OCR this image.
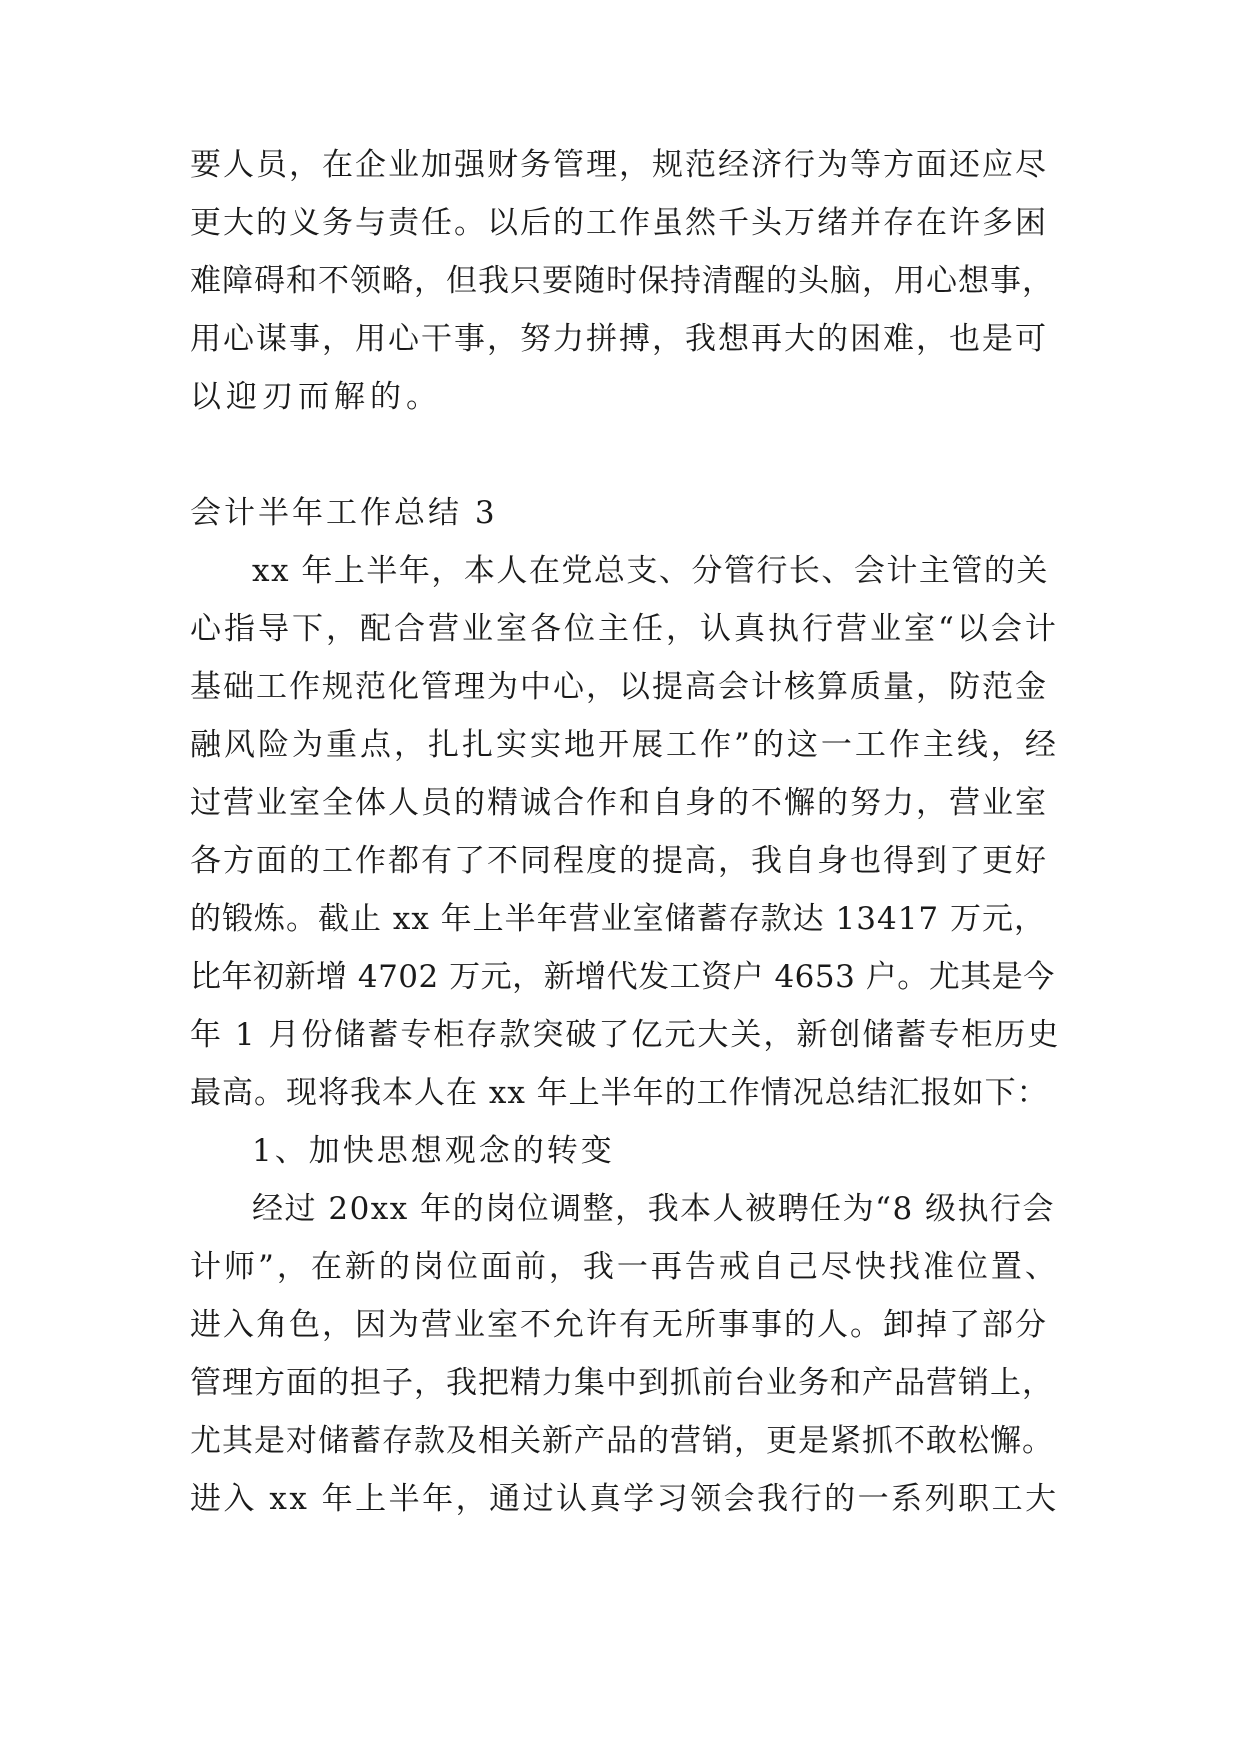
要人员，在企业加强财务管理，规范经济行为等方面还应尽
更大的义务与责任。以后的工作虽然千头万绪并存在许多困
难障碍和不领略，但我只要随时保持清醒的头脑，用心想事，
用心谋事，用心干事，努力拼搏，我想再大的困难，也是可
以迎刃而解的。
会计半年工作总结 3
xx 年上半年，本人在党总支、分管行长、会计主管的关
心指导下，配合营业室各位主任，认真执行营业室“以会计
基础工作规范化管理为中心，以提高会计核算质量，防范金
融风险为重点，扎扎实实地开展工作”的这一工作主线，经
过营业室全体人员的精诚合作和自身的不懈的努力，营业室
各方面的工作都有了不同程度的提高，我自身也得到了更好
的锻炼。截止 xx 年上半年营业室储蓄存款达 13417 万元，
比年初新增 4702 万元，新增代发工资户 4653 户。尤其是今
年 1 月份储蓄专柜存款突破了亿元大关，新创储蓄专柜历史
最高。现将我本人在 xx 年上半年的工作情况总结汇报如下：
1、加快思想观念的转变
经过 20xx 年的岗位调整，我本人被聘任为“8 级执行会
计师”，在新的岗位面前，我一再告戒自己尽快找准位置、
进入角色，因为营业室不允许有无所事事的人。卸掉了部分
管理方面的担子，我把精力集中到抓前台业务和产品营销上，
尤其是对储蓄存款及相关新产品的营销，更是紧抓不敢松懈。
进入 xx 年上半年，通过认真学习领会我行的一系列职工大
